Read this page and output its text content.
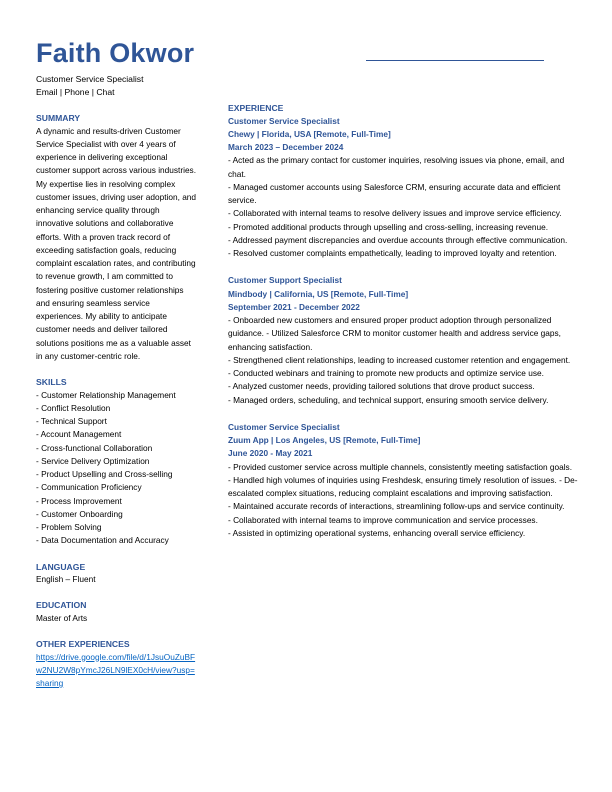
Faith Okwor
Customer Service Specialist
Email | Phone | Chat
SUMMARY
A dynamic and results-driven Customer Service Specialist with over 4 years of experience in delivering exceptional customer support across various industries. My expertise lies in resolving complex customer issues, driving user adoption, and enhancing service quality through innovative solutions and collaborative efforts. With a proven track record of exceeding satisfaction goals, reducing complaint escalation rates, and contributing to revenue growth, I am committed to fostering positive customer relationships and ensuring seamless service experiences. My ability to anticipate customer needs and deliver tailored solutions positions me as a valuable asset in any customer-centric role.
SKILLS
- Customer Relationship Management
- Conflict Resolution
- Technical Support
- Account Management
- Cross-functional Collaboration
- Service Delivery Optimization
- Product Upselling and Cross-selling
- Communication Proficiency
- Process Improvement
- Customer Onboarding
- Problem Solving
- Data Documentation and Accuracy
LANGUAGE
English – Fluent
EDUCATION
Master of Arts
OTHER EXPERIENCES
https://drive.google.com/file/d/1JsuOuZuBFw2NU2W8pYmcJ26LN9lEX0cH/view?usp=sharing
EXPERIENCE
Customer Service Specialist
Chewy | Florida, USA [Remote, Full-Time]
March 2023 – December 2024
- Acted as the primary contact for customer inquiries, resolving issues via phone, email, and chat.
- Managed customer accounts using Salesforce CRM, ensuring accurate data and efficient service.
- Collaborated with internal teams to resolve delivery issues and improve service efficiency.
- Promoted additional products through upselling and cross-selling, increasing revenue.
- Addressed payment discrepancies and overdue accounts through effective communication.
- Resolved customer complaints empathetically, leading to improved loyalty and retention.
Customer Support Specialist
Mindbody | California, US [Remote, Full-Time]
September 2021 - December 2022
- Onboarded new customers and ensured proper product adoption through personalized guidance. - Utilized Salesforce CRM to monitor customer health and address service gaps, enhancing satisfaction.
- Strengthened client relationships, leading to increased customer retention and engagement.
- Conducted webinars and training to promote new products and optimize service use.
- Analyzed customer needs, providing tailored solutions that drove product success.
- Managed orders, scheduling, and technical support, ensuring smooth service delivery.
Customer Service Specialist
Zuum App | Los Angeles, US [Remote, Full-Time]
June 2020 - May 2021
- Provided customer service across multiple channels, consistently meeting satisfaction goals.
- Handled high volumes of inquiries using Freshdesk, ensuring timely resolution of issues. - De-escalated complex situations, reducing complaint escalations and improving satisfaction.
- Maintained accurate records of interactions, streamlining follow-ups and service continuity.
- Collaborated with internal teams to improve communication and service processes.
- Assisted in optimizing operational systems, enhancing overall service efficiency.
